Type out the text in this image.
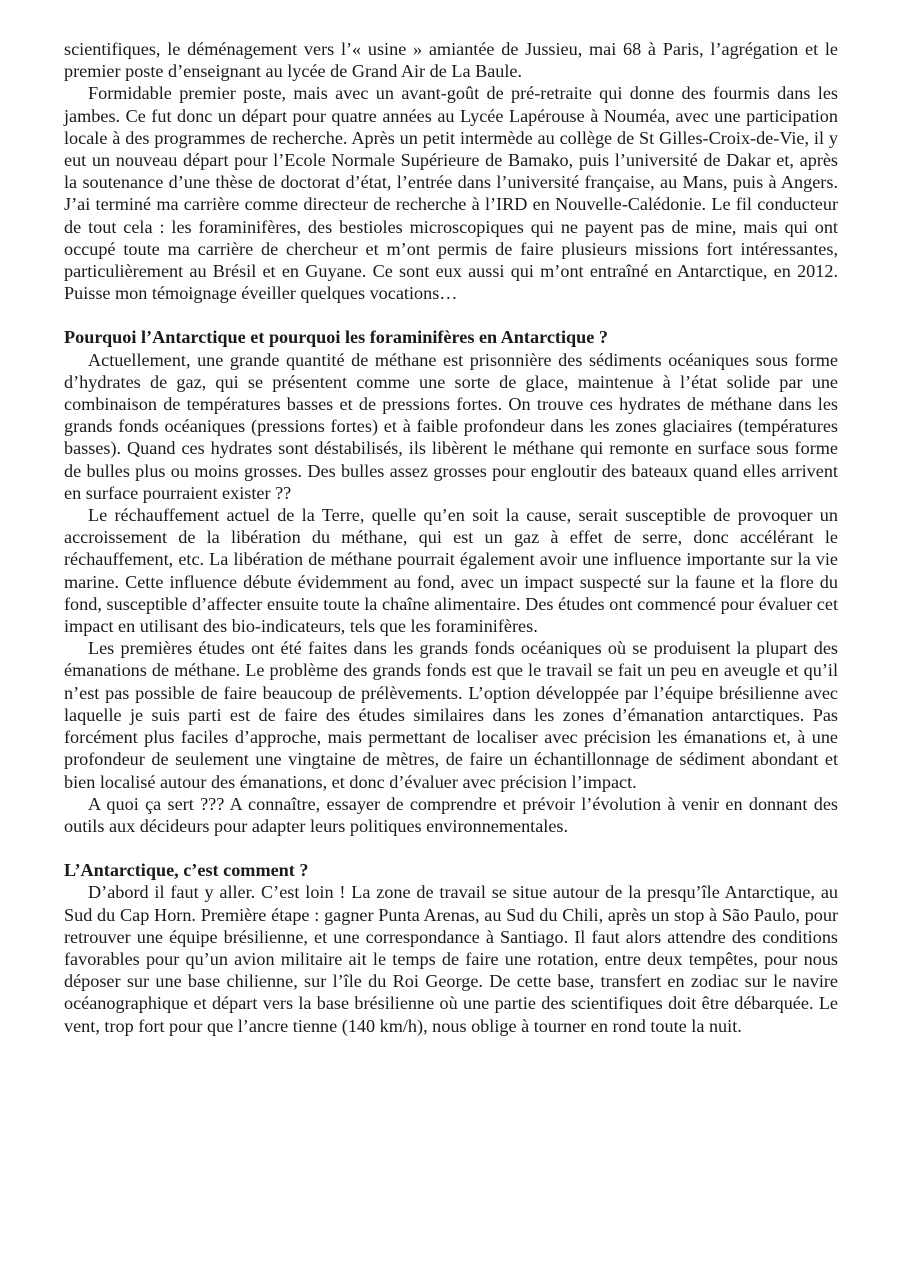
scientifiques, le déménagement vers l’« usine » amiantée de Jussieu, mai 68 à Paris, l’agrégation et le premier poste d’enseignant au lycée de Grand Air de La Baule.

Formidable premier poste, mais avec un avant-goût de pré-retraite qui donne des fourmis dans les jambes. Ce fut donc un départ pour quatre années au Lycée Lapérouse à Nouméa, avec une participation locale à des programmes de recherche. Après un petit intermède au collège de St Gilles-Croix-de-Vie, il y eut un nouveau départ pour l’Ecole Normale Supérieure de Bamako, puis l’université de Dakar et, après la soutenance d’une thèse de doctorat d’état, l’entrée dans l’université française, au Mans, puis à Angers. J’ai terminé ma carrière comme directeur de recherche à l’IRD en Nouvelle-Calédonie. Le fil conducteur de tout cela : les foraminifères, des bestioles microscopiques qui ne payent pas de mine, mais qui ont occupé toute ma carrière de chercheur et m’ont permis de faire plusieurs missions fort intéressantes, particulièrement au Brésil et en Guyane. Ce sont eux aussi qui m’ont entraîné en Antarctique, en 2012. Puisse mon témoignage éveiller quelques vocations…

Pourquoi l’Antarctique et pourquoi les foraminifères en Antarctique ?

Actuellement, une grande quantité de méthane est prisonnière des sédiments océaniques sous forme d’hydrates de gaz, qui se présentent comme une sorte de glace, maintenue à l’état solide par une combinaison de températures basses et de pressions fortes. On trouve ces hydrates de méthane dans les grands fonds océaniques (pressions fortes) et à faible profondeur dans les zones glaciaires (températures basses). Quand ces hydrates sont déstabilisés, ils libèrent le méthane qui remonte en surface sous forme de bulles plus ou moins grosses. Des bulles assez grosses pour engloutir des bateaux quand elles arrivent en surface pourraient exister ??

Le réchauffement actuel de la Terre, quelle qu’en soit la cause, serait susceptible de provoquer un accroissement de la libération du méthane, qui est un gaz à effet de serre, donc accélérant le réchauffement, etc. La libération de méthane pourrait également avoir une influence importante sur la vie marine. Cette influence débute évidemment au fond, avec un impact suspecté sur la faune et la flore du fond, susceptible d’affecter ensuite toute la chaîne alimentaire. Des études ont commencé pour évaluer cet impact en utilisant des bio-indicateurs, tels que les foraminifères.

Les premières études ont été faites dans les grands fonds océaniques où se produisent la plupart des émanations de méthane. Le problème des grands fonds est que le travail se fait un peu en aveugle et qu’il n’est pas possible de faire beaucoup de prélèvements. L’option développée par l’équipe brésilienne avec laquelle je suis parti est de faire des études similaires dans les zones d’émanation antarctiques. Pas forcément plus faciles d’approche, mais permettant de localiser avec précision les émanations et, à une profondeur de seulement une vingtaine de mètres, de faire un échantillonnage de sédiment abondant et bien localisé autour des émanations, et donc d’évaluer avec précision l’impact.

A quoi ça sert ??? A connaître, essayer de comprendre et prévoir l’évolution à venir en donnant des outils aux décideurs pour adapter leurs politiques environnementales.

L’Antarctique, c’est comment ?

D’abord il faut y aller. C’est loin ! La zone de travail se situe autour de la presqu’île Antarctique, au Sud du Cap Horn. Première étape : gagner Punta Arenas, au Sud du Chili, après un stop à São Paulo, pour retrouver une équipe brésilienne, et une correspondance à Santiago. Il faut alors attendre des conditions favorables pour qu’un avion militaire ait le temps de faire une rotation, entre deux tempêtes, pour nous déposer sur une base chilienne, sur l’île du Roi George. De cette base, transfert en zodiac sur le navire océanographique et départ vers la base brésilienne où une partie des scientifiques doit être débarquée. Le vent, trop fort pour que l’ancre tienne (140 km/h), nous oblige à tourner en rond toute la nuit.
